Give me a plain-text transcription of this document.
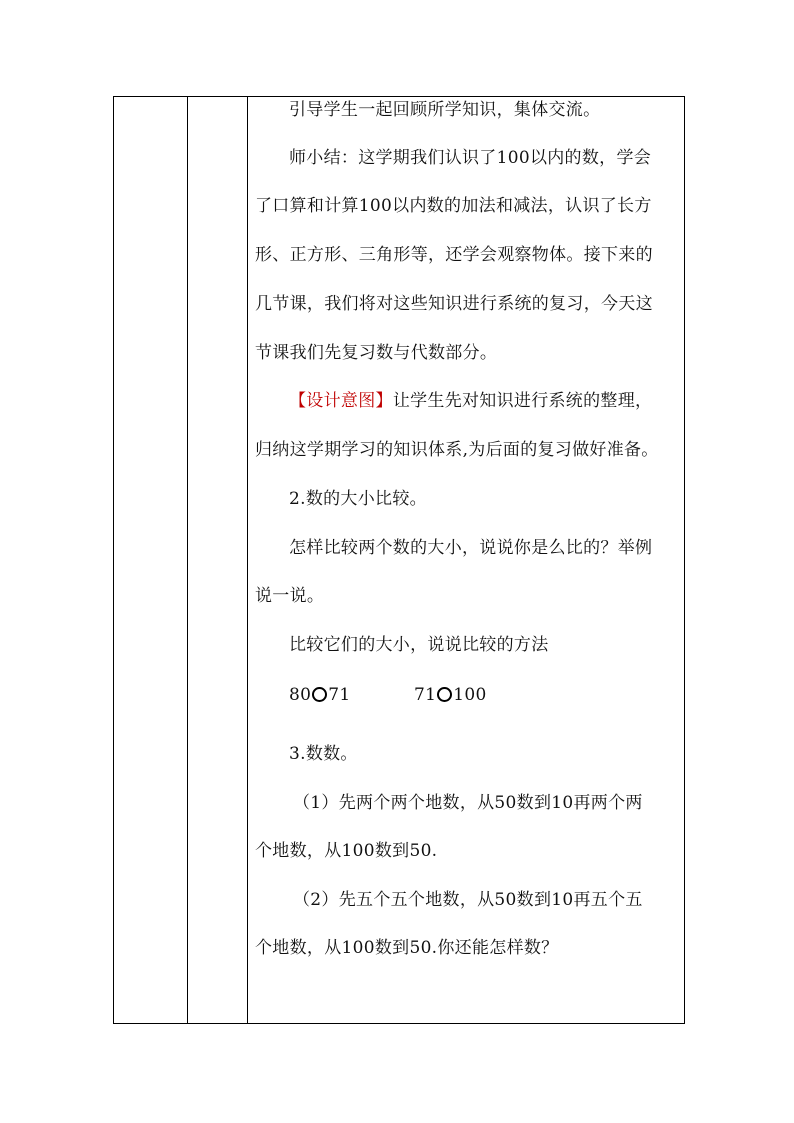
引导学生一起回顾所学知识，集体交流。
师小结：这学期我们认识了100以内的数，学会
了口算和计算100以内数的加法和减法，认识了长方
形、正方形、三角形等，还学会观察物体。接下来的
几节课，我们将对这些知识进行系统的复习，今天这
节课我们先复习数与代数部分。
【设计意图】让学生先对知识进行系统的整理，
归纳这学期学习的知识体系,为后面的复习做好准备。
2.数的大小比较。
怎样比较两个数的大小，说说你是么比的？举例
说一说。
比较它们的大小，说说比较的方法
80 71	71 100
3.数数。
（1）先两个两个地数，从50数到10再两个两
个地数，从100数到50.
（2）先五个五个地数，从50数到10再五个五
个地数，从100数到50.你还能怎样数？
